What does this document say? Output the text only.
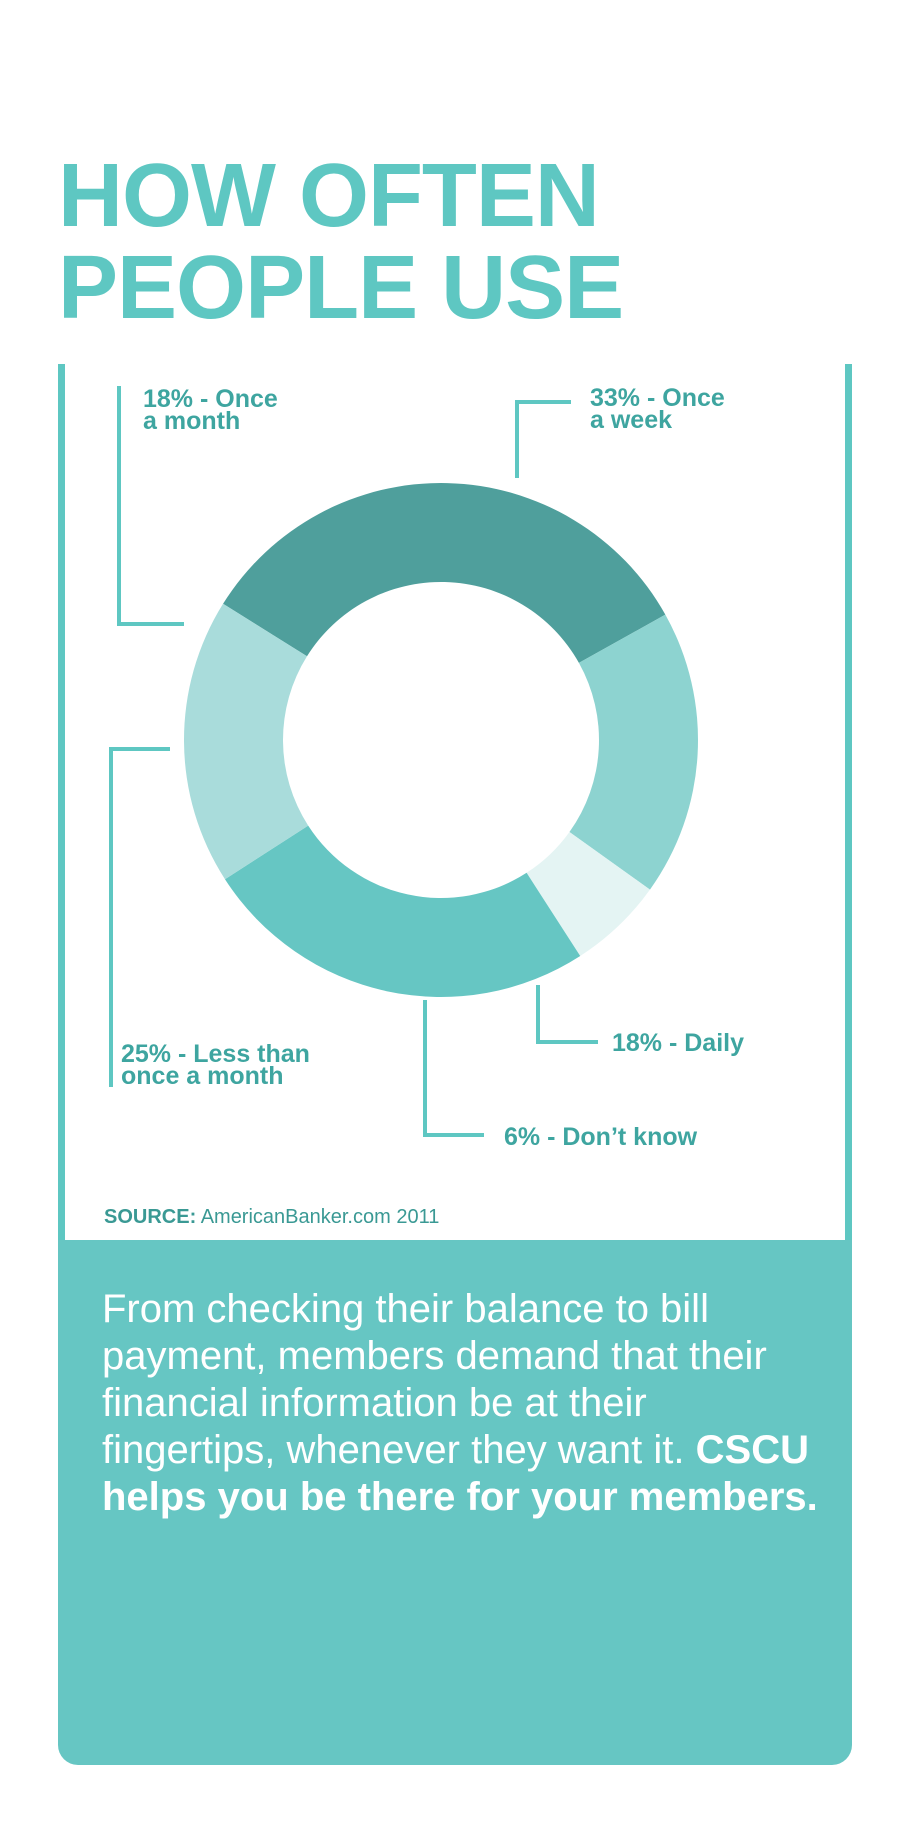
HOW OFTEN
PEOPLE USE
33% - Once a week
18% - Daily
6% - Don’t know
25% - Less than once a month
18% - Once a month
SOURCE: AmericanBanker.com 2011

From checking their balance to bill payment, members demand that their financial information be at their fingertips, whenever they want it. CSCU helps you be there for your members.
